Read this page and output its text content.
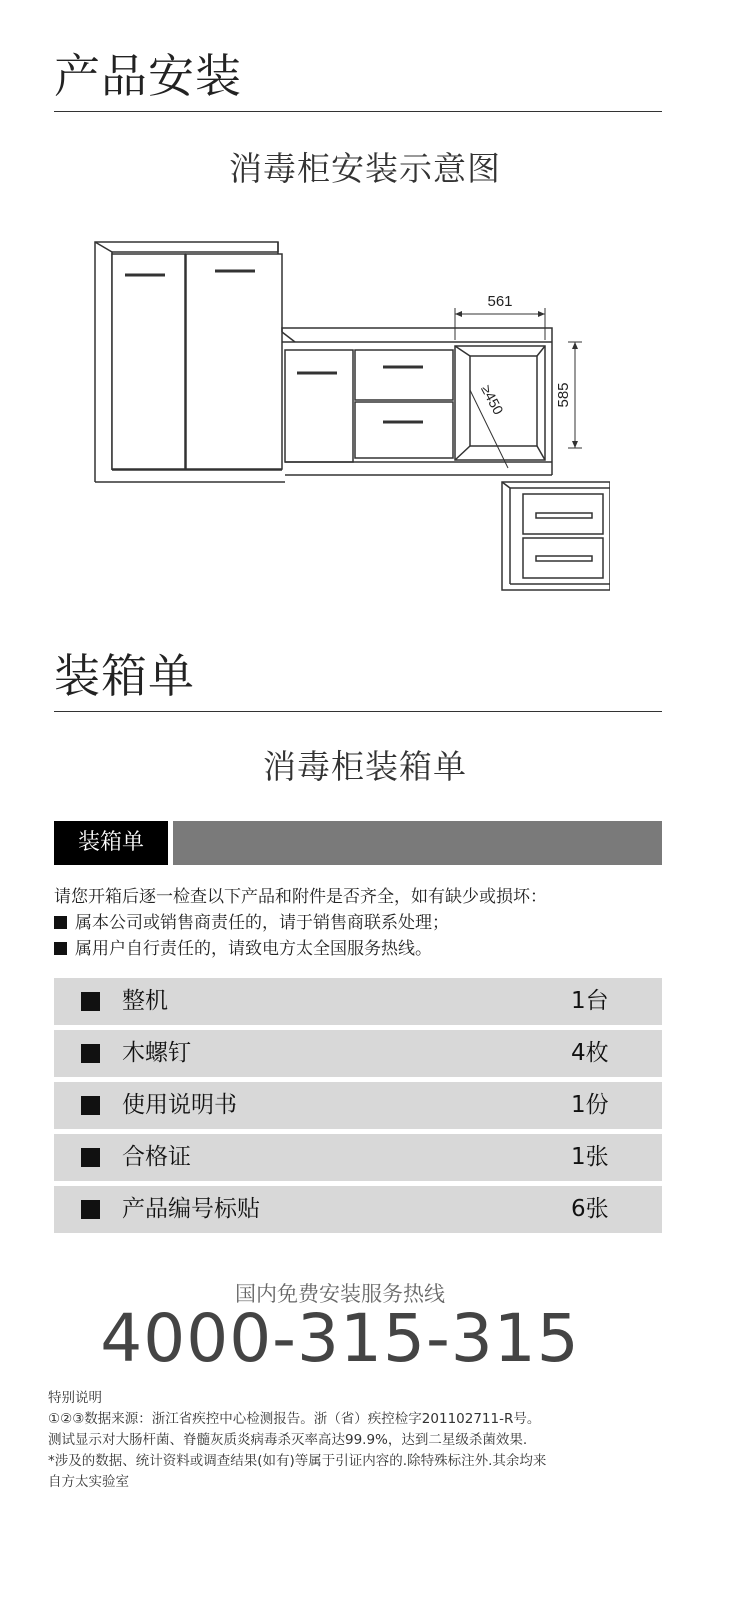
产品安装
消毒柜安装示意图
561
585
≥450
装箱单
消毒柜装箱单
装箱单
请您开箱后逐一检查以下产品和附件是否齐全，如有缺少或损坏：
属本公司或销售商责任的，请于销售商联系处理；
属用户自行责任的，请致电方太全国服务热线。
整机	1台
木螺钉	4枚
使用说明书	1份
合格证	1张
产品编号标贴	6张
国内免费安装服务热线
4000-315-315
特别说明
①②③数据来源：浙江省疾控中心检测报告。浙（省）疾控检字201102711-R号。
测试显示对大肠杆菌、脊髓灰质炎病毒杀灭率高达99.9%，达到二星级杀菌效果.
*涉及的数据、统计资料或调查结果(如有)等属于引证内容的.除特殊标注外.其余均来
自方太实验室
